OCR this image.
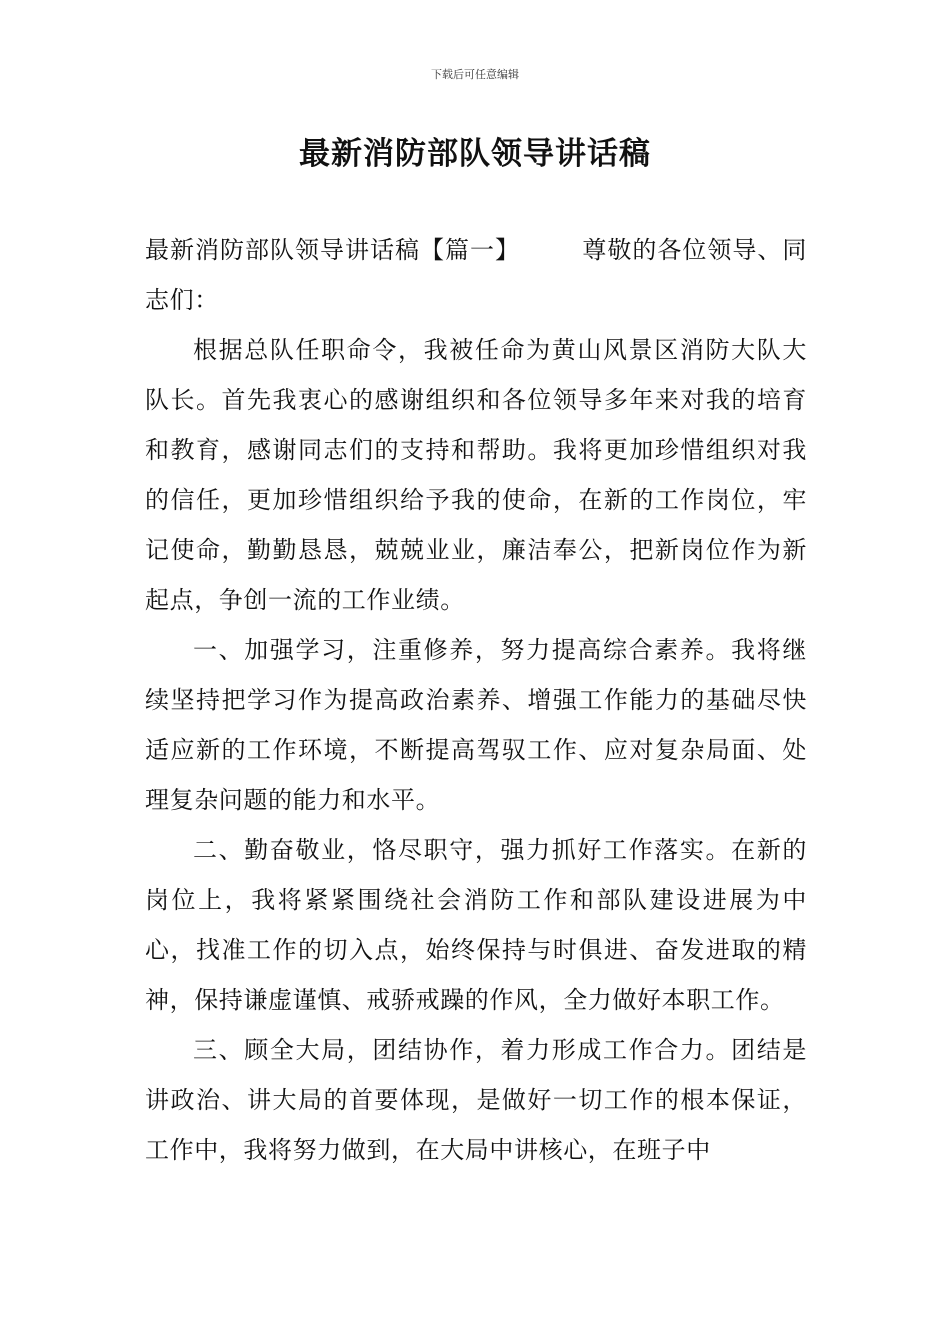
下载后可任意编辑
最新消防部队领导讲话稿

最新消防部队领导讲话稿【篇一】	尊敬的各位领导、同志们：

根据总队任职命令，我被任命为黄山风景区消防大队大队长。首先我衷心的感谢组织和各位领导多年来对我的培育和教育，感谢同志们的支持和帮助。我将更加珍惜组织对我的信任，更加珍惜组织给予我的使命，在新的工作岗位，牢记使命，勤勤恳恳，兢兢业业，廉洁奉公，把新岗位作为新起点，争创一流的工作业绩。

一、加强学习，注重修养，努力提高综合素养。我将继续坚持把学习作为提高政治素养、增强工作能力的基础尽快适应新的工作环境，不断提高驾驭工作、应对复杂局面、处理复杂问题的能力和水平。

二、勤奋敬业，恪尽职守，强力抓好工作落实。在新的岗位上，我将紧紧围绕社会消防工作和部队建设进展为中心，找准工作的切入点，始终保持与时俱进、奋发进取的精神，保持谦虚谨慎、戒骄戒躁的作风，全力做好本职工作。

三、顾全大局，团结协作，着力形成工作合力。团结是讲政治、讲大局的首要体现，是做好一切工作的根本保证，工作中，我将努力做到，在大局中讲核心，在班子中
